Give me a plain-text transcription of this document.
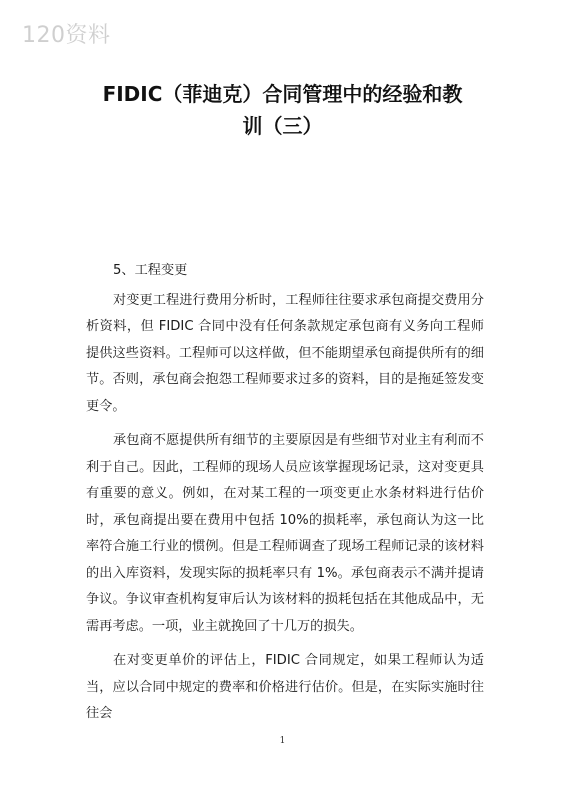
120资料
FIDIC（菲迪克）合同管理中的经验和教
训（三）
5、工程变更

对变更工程进行费用分析时，工程师往往要求承包商提交费用分析资料，但 FIDIC 合同中没有任何条款规定承包商有义务向工程师提供这些资料。工程师可以这样做，但不能期望承包商提供所有的细节。否则，承包商会抱怨工程师要求过多的资料，目的是拖延签发变更令。

承包商不愿提供所有细节的主要原因是有些细节对业主有利而不利于自己。因此，工程师的现场人员应该掌握现场记录，这对变更具有重要的意义。例如，在对某工程的一项变更止水条材料进行估价时，承包商提出要在费用中包括 10%的损耗率，承包商认为这一比率符合施工行业的惯例。但是工程师调查了现场工程师记录的该材料的出入库资料，发现实际的损耗率只有 1%。承包商表示不满并提请争议。争议审查机构复审后认为该材料的损耗包括在其他成品中，无需再考虑。一项，业主就挽回了十几万的损失。

在对变更单价的评估上，FIDIC 合同规定，如果工程师认为适当，应以合同中规定的费率和价格进行估价。但是，在实际实施时往往会

1
